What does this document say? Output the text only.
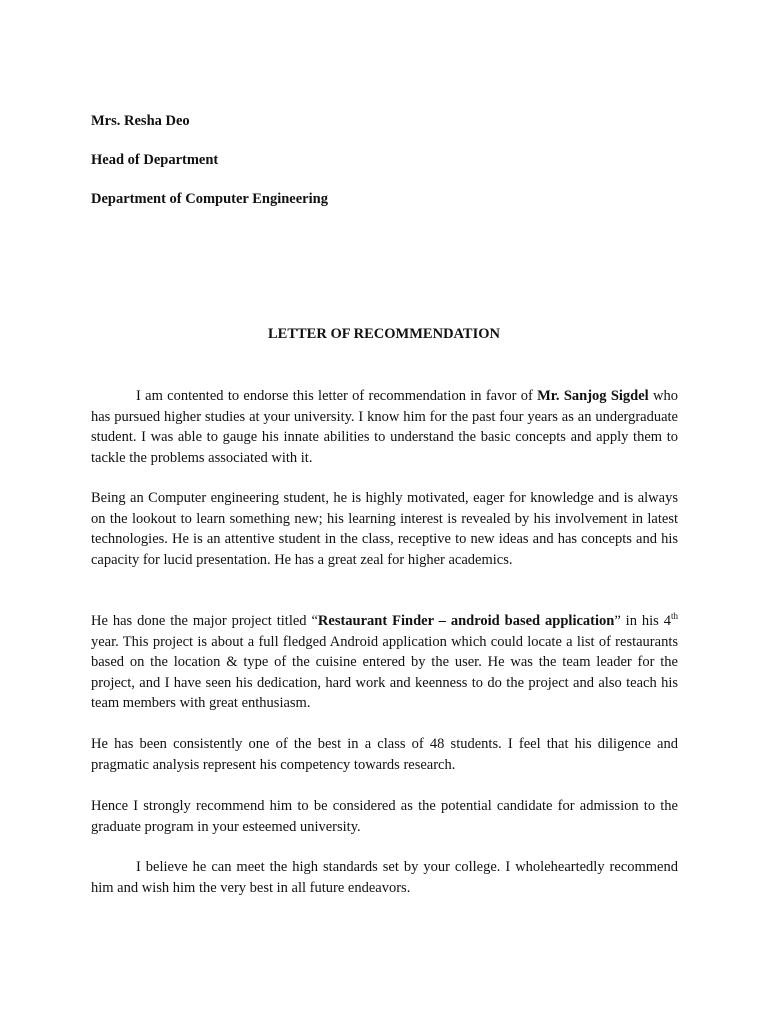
Mrs. Resha Deo
Head of Department
Department of Computer Engineering
LETTER OF RECOMMENDATION

I am contented to endorse this letter of recommendation in favor of Mr. Sanjog Sigdel who has pursued higher studies at your university. I know him for the past four years as an undergraduate student. I was able to gauge his innate abilities to understand the basic concepts and apply them to tackle the problems associated with it.

Being an Computer engineering student, he is highly motivated, eager for knowledge and is always on the lookout to learn something new; his learning interest is revealed by his involvement in latest technologies. He is an attentive student in the class, receptive to new ideas and has concepts and his capacity for lucid presentation. He has a great zeal for higher academics.

He has done the major project titled “Restaurant Finder – android based application” in his 4th year. This project is about a full fledged Android application which could locate a list of restaurants based on the location & type of the cuisine entered by the user. He was the team leader for the project, and I have seen his dedication, hard work and keenness to do the project and also teach his team members with great enthusiasm.

He has been consistently one of the best in a class of 48 students. I feel that his diligence and pragmatic analysis represent his competency towards research.

Hence I strongly recommend him to be considered as the potential candidate for admission to the graduate program in your esteemed university.

I believe he can meet the high standards set by your college. I wholeheartedly recommend him and wish him the very best in all future endeavors.
